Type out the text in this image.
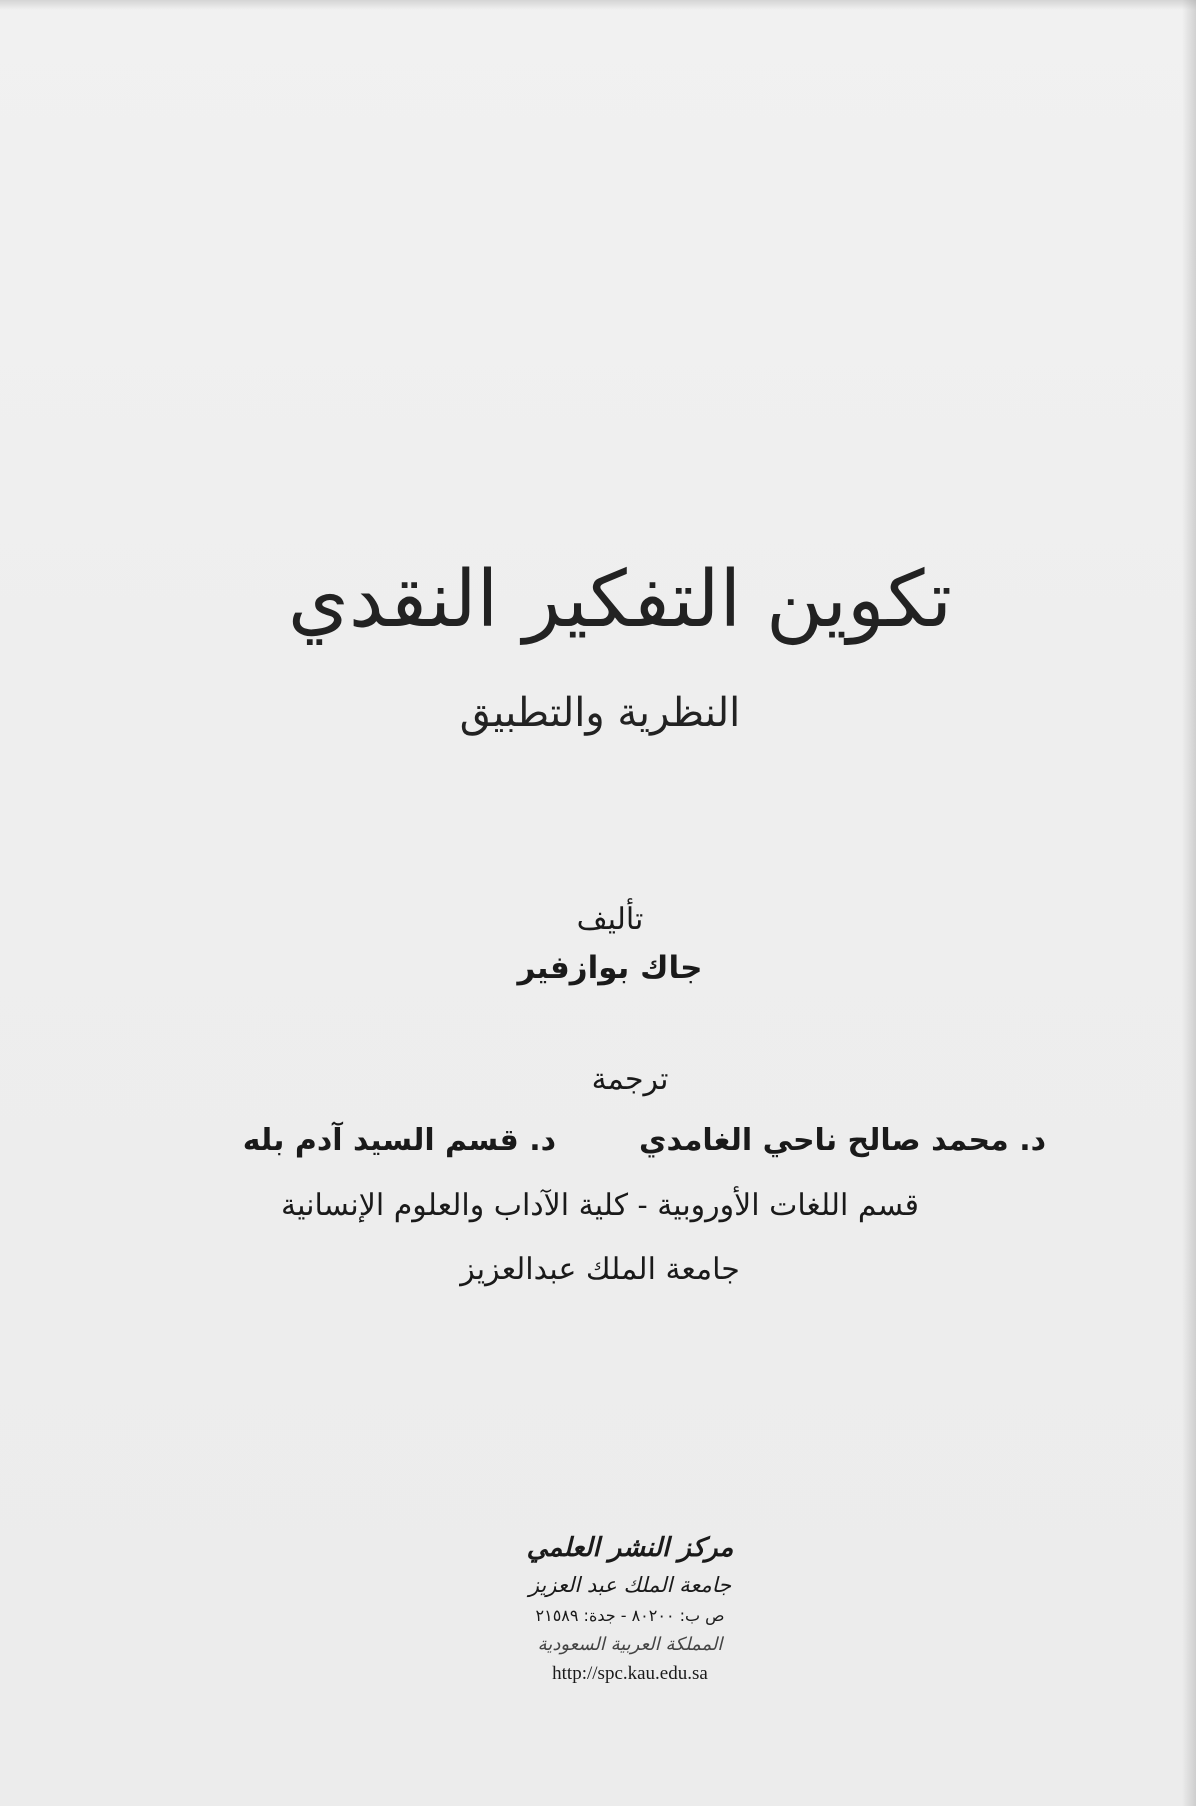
تكوين التفكير النقدي
النظرية والتطبيق
تأليف
جاك بوازفير
ترجمة
د. محمد صالح ناحي الغامدي
د. قسم السيد آدم بله
قسم اللغات الأوروبية - كلية الآداب والعلوم الإنسانية
جامعة الملك عبدالعزيز
مركز النشر العلمي
جامعة الملك عبد العزيز
ص ب: ٨٠٢٠٠ - جدة: ٢١٥٨٩
المملكة العربية السعودية
http://spc.kau.edu.sa
